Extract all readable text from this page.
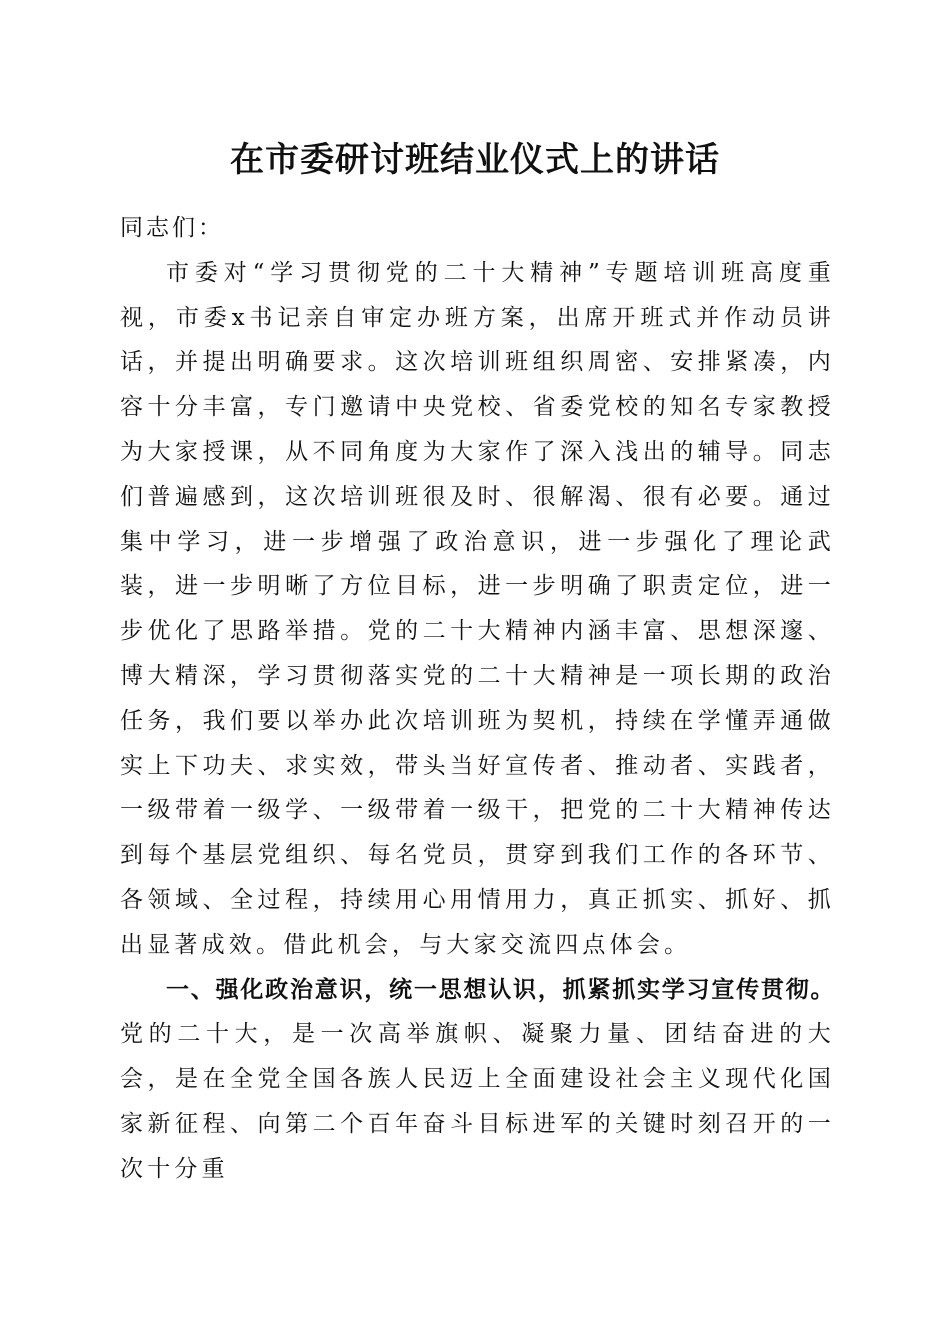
在市委研讨班结业仪式上的讲话

同志们：

市委对“学习贯彻党的二十大精神”专题培训班高度重视，市委x书记亲自审定办班方案，出席开班式并作动员讲话，并提出明确要求。这次培训班组织周密、安排紧凑，内容十分丰富，专门邀请中央党校、省委党校的知名专家教授为大家授课，从不同角度为大家作了深入浅出的辅导。同志们普遍感到，这次培训班很及时、很解渴、很有必要。通过集中学习，进一步增强了政治意识，进一步强化了理论武装，进一步明晰了方位目标，进一步明确了职责定位，进一步优化了思路举措。党的二十大精神内涵丰富、思想深邃、博大精深，学习贯彻落实党的二十大精神是一项长期的政治任务，我们要以举办此次培训班为契机，持续在学懂弄通做实上下功夫、求实效，带头当好宣传者、推动者、实践者，一级带着一级学、一级带着一级干，把党的二十大精神传达到每个基层党组织、每名党员，贯穿到我们工作的各环节、各领域、全过程，持续用心用情用力，真正抓实、抓好、抓出显著成效。借此机会，与大家交流四点体会。

一、强化政治意识，统一思想认识，抓紧抓实学习宣传贯彻。党的二十大，是一次高举旗帜、凝聚力量、团结奋进的大会，是在全党全国各族人民迈上全面建设社会主义现代化国家新征程、向第二个百年奋斗目标进军的关键时刻召开的一次十分重
